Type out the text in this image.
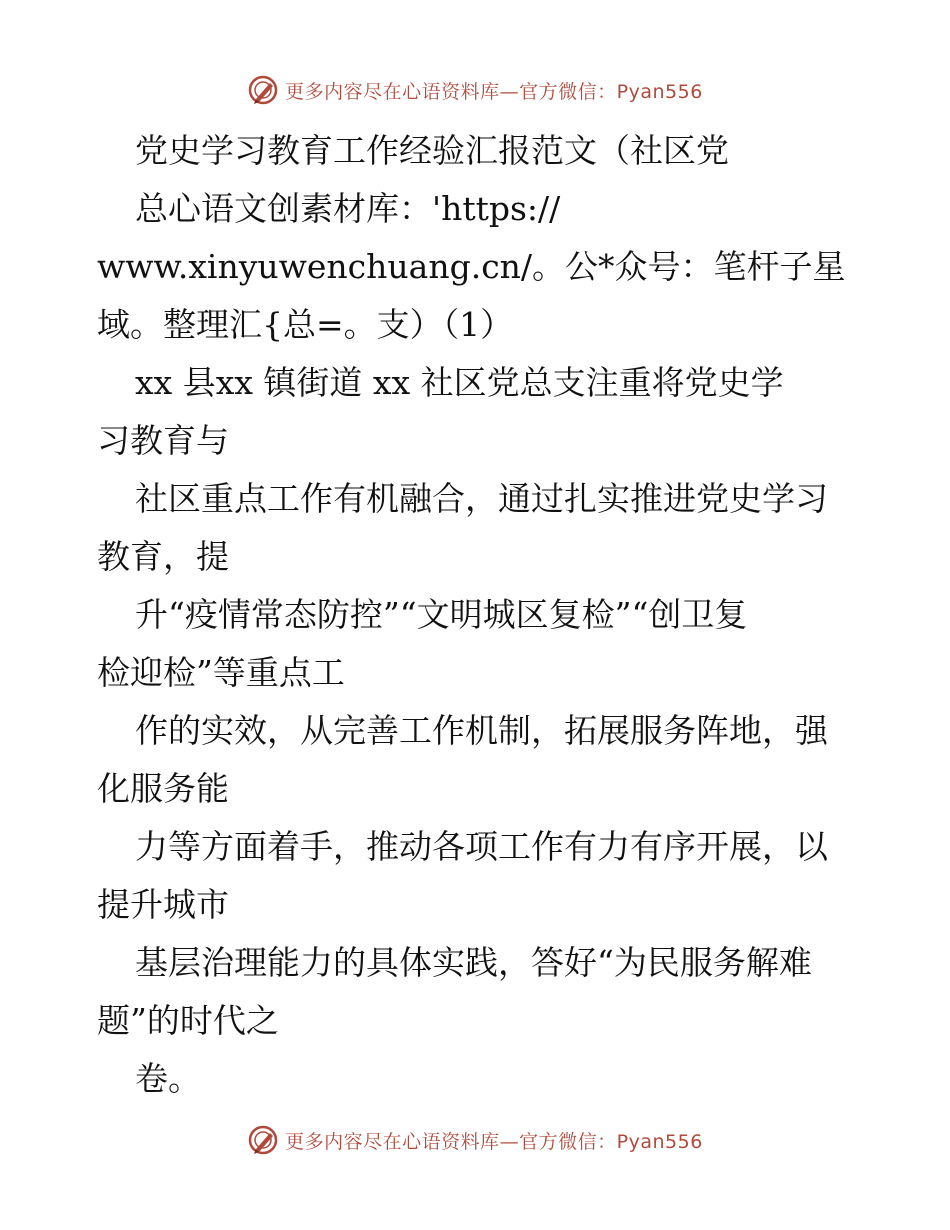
更多内容尽在心语资料库—官方微信：Pyan556
党史学习教育工作经验汇报范文（社区党
总心语文创素材库：'https://
www.xinyuwenchuang.cn/。公*众号：笔杆子星
域。整理汇{总=。支）（1）
xx 县xx 镇街道 xx 社区党总支注重将党史学
习教育与
社区重点工作有机融合，通过扎实推进党史学习
教育，提
升“疫情常态防控”“文明城区复检”“创卫复
检迎检”等重点工
作的实效，从完善工作机制，拓展服务阵地，强
化服务能
力等方面着手，推动各项工作有力有序开展，以
提升城市
基层治理能力的具体实践，答好“为民服务解难
题”的时代之
卷。
更多内容尽在心语资料库—官方微信：Pyan556
